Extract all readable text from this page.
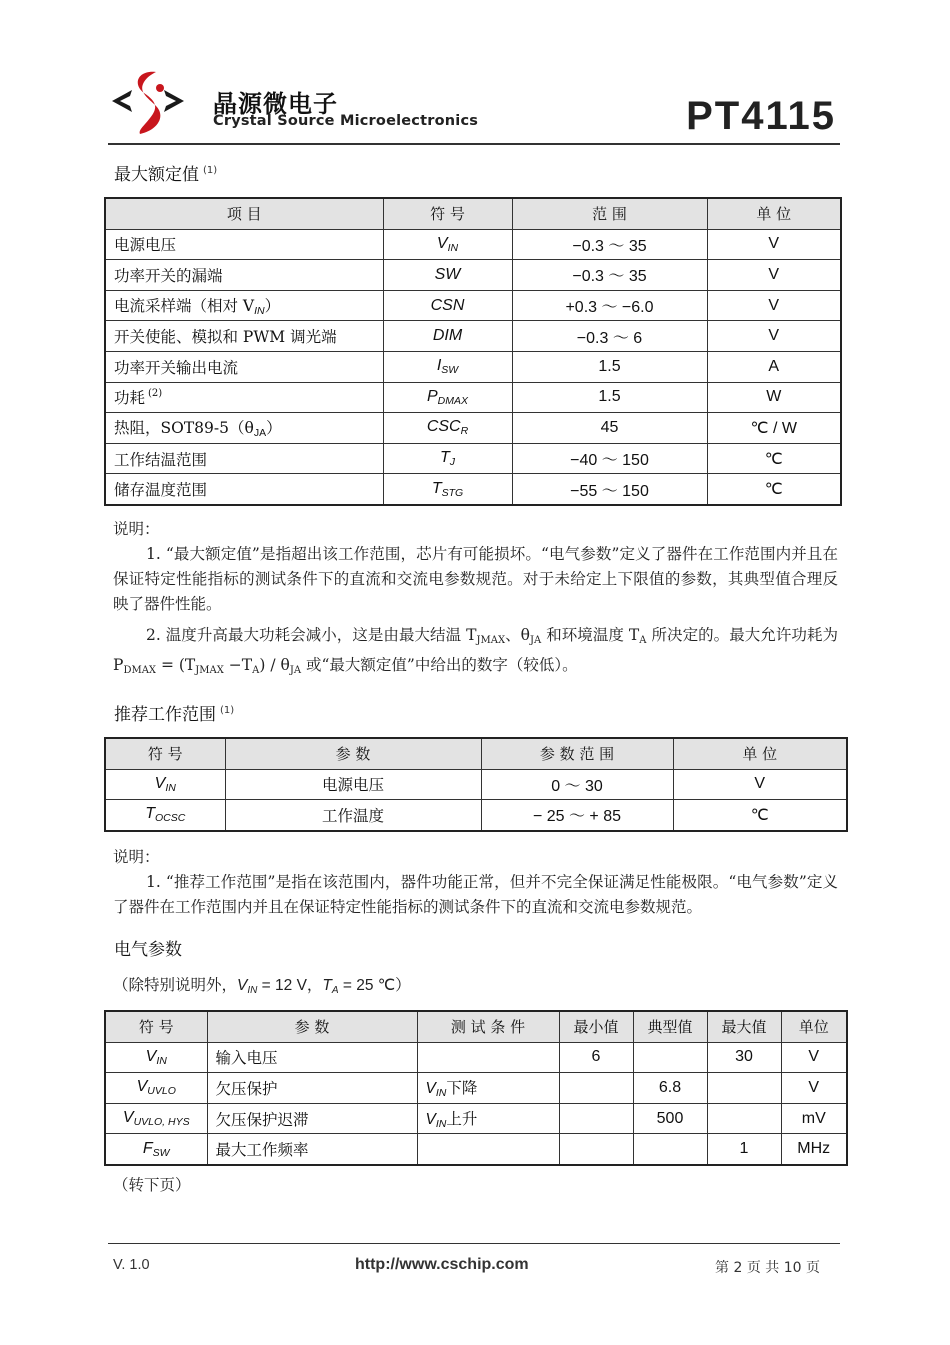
晶源微电子
Crystal Source Microelectronics	PT4115
最大额定值 $^{(1)}$
项 目	符 号	范 围	单 位
电源电压	$V_{IN}$	−0.3 ～ 35	V
功率开关的漏端	SW	−0.3 ～ 35	V
电流采样端（相对 $V_{IN}$）	CSN	+0.3 ～ −6.0	V
开关使能、模拟和 PWM 调光端	DIM	−0.3 ～ 6	V
功率开关输出电流	$I_{SW}$	1.5	A
功耗 $^{(2)}$	$P_{DMAX}$	1.5	W
热阻，$SOT89-5(\theta_{JA})$	$CSC_R$	45	℃ / W
工作结温范围	$T_J$	−40 ～ 150	℃
储存温度范围	$T_{STG}$	−55 ～ 150	℃

说明：

1. “最大额定值”是指超出该工作范围，芯片有可能损坏。“电气参数”定义了器件在工作范围内并且在保证特定性能指标的测试条件下的直流和交流电参数规范。对于未给定上下限值的参数，其典型值合理反映了器件性能。

2. 温度升高最大功耗会减小，这是由最大结温 $T_{JMAX}$、$\theta_{JA}$ 和环境温度 $T_A$ 所决定的。最大允许功耗为 $P_{DMAX} = (T_{JMAX} -T_A) / \theta_{JA}$ 或“最大额定值”中给出的数字（较低）。

推荐工作范围 $^{(1)}$
符 号	参 数	参 数 范 围	单 位
$V_{IN}$	电源电压	0 ～ 30	V
$T_{OCSC}$	工作温度	− 25 ～ + 85	℃

说明：

1. “推荐工作范围”是指在该范围内，器件功能正常，但并不完全保证满足性能极限。“电气参数”定义了器件在工作范围内并且在保证特定性能指标的测试条件下的直流和交流电参数规范。

电气参数

（除特别说明外，$V_{IN} = 12$ V，$T_A = 25$ ℃）

符 号	参 数	测 试 条 件	最小值	典型值	最大值	单位
$V_{IN}$	输入电压		6		30	V
$V_{UVLO}$	欠压保护	$V_{IN}$下降		6.8		V
$V_{UVLO, HYS}$	欠压保护迟滞	$V_{IN}$上升		500		mV
$F_{SW}$	最大工作频率				1	MHz

（转下页）

V. 1.0	http://www.cschip.com	第 2 页 共 10 页
